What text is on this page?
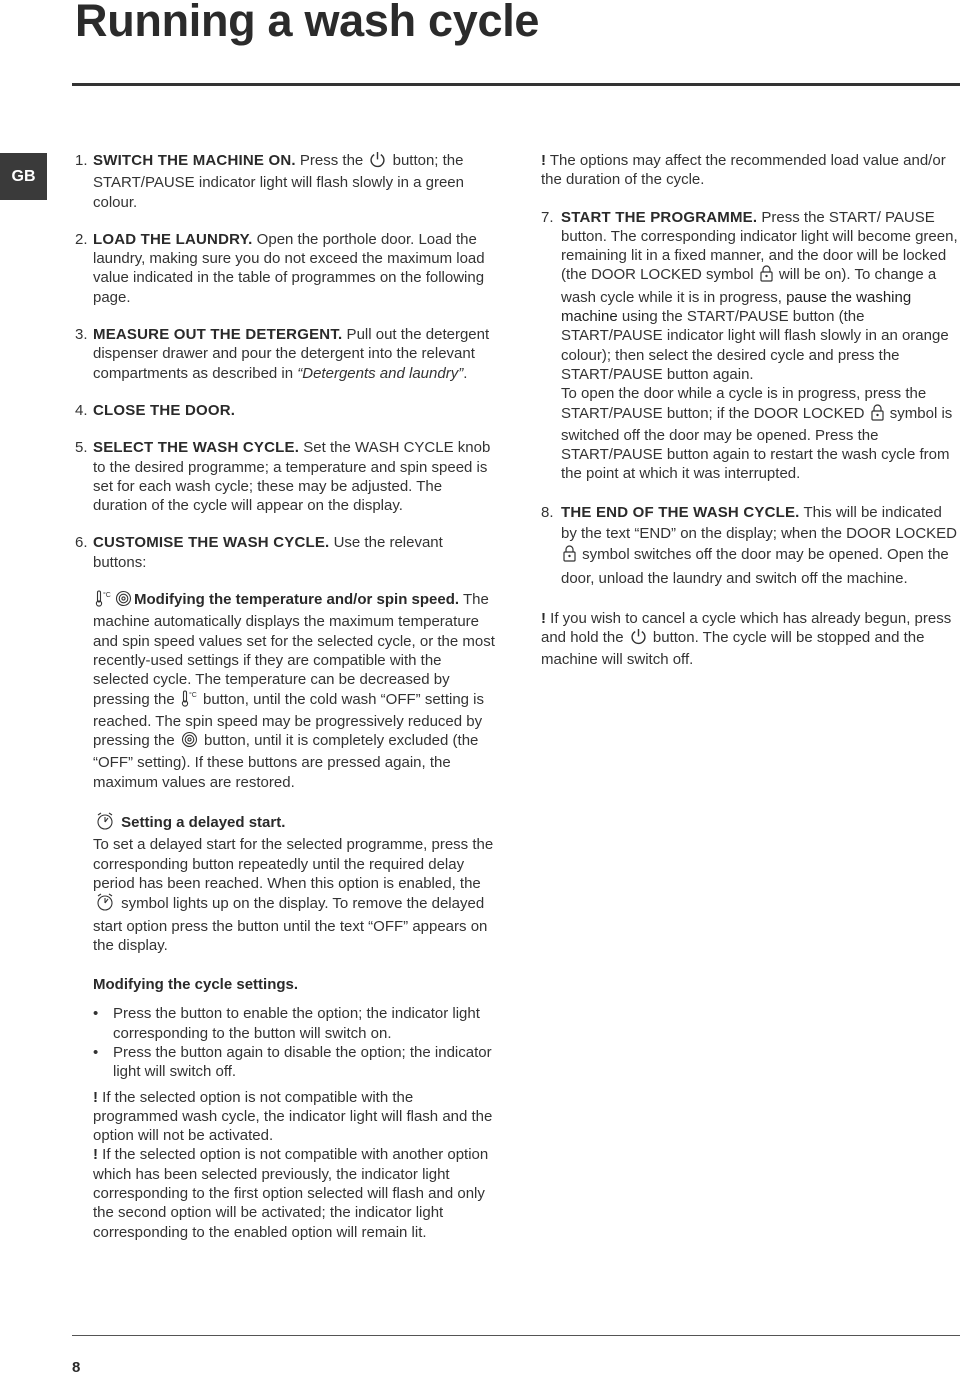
Running a wash cycle
GB
1. SWITCH THE MACHINE ON. Press the  button; the START/PAUSE indicator light will flash slowly in a green colour.
2. LOAD THE LAUNDRY. Open the porthole door. Load the laundry, making sure you do not exceed the maximum load value indicated in the table of programmes on the following page.
3. MEASURE OUT THE DETERGENT. Pull out the detergent dispenser drawer and pour the detergent into the relevant compartments as described in “Detergents and laundry”.
4. CLOSE THE DOOR.
5. SELECT THE WASH CYCLE. Set the WASH CYCLE knob to the desired programme; a temperature and spin speed is set for each wash cycle; these may be adjusted. The duration of the cycle will appear on the display.
6. CUSTOMISE THE WASH CYCLE. Use the relevant buttons:
°C Modifying the temperature and/or spin speed. The machine automatically displays the maximum temperature and spin speed values set for the selected cycle, or the most recently-used settings if they are compatible with the selected cycle. The temperature can be decreased by pressing the °C button, until the cold wash “OFF” setting is reached. The spin speed may be progressively reduced by pressing the  button, until it is completely excluded (the “OFF” setting). If these buttons are pressed again, the maximum values are restored.
Setting a delayed start.
To set a delayed start for the selected programme, press the corresponding button repeatedly until the required delay period has been reached. When this option is enabled, the  symbol lights up on the display. To remove the delayed start option press the button until the text “OFF” appears on the display.
Modifying the cycle settings.
• Press the button to enable the option; the indicator light corresponding to the button will switch on.
• Press the button again to disable the option; the indicator light will switch off.
! If the selected option is not compatible with the programmed wash cycle, the indicator light will flash and the option will not be activated.
! If the selected option is not compatible with another option which has been selected previously, the indicator light corresponding to the first option selected will flash and only the second option will be activated; the indicator light corresponding to the enabled option will remain lit.
! The options may affect the recommended load value and/or the duration of the cycle.
7. START THE PROGRAMME. Press the START/ PAUSE button. The corresponding indicator light will become green, remaining lit in a fixed manner, and the door will be locked (the DOOR LOCKED symbol  will be on). To change a wash cycle while it is in progress, pause the washing machine using the START/PAUSE button (the START/PAUSE indicator light will flash slowly in an orange colour); then select the desired cycle and press the START/PAUSE button again.
To open the door while a cycle is in progress, press the START/PAUSE button; if the DOOR LOCKED  symbol is switched off the door may be opened. Press the START/PAUSE button again to restart the wash cycle from the point at which it was interrupted.
8. THE END OF THE WASH CYCLE. This will be indicated by the text “END” on the display; when the DOOR LOCKED  symbol switches off the door may be opened. Open the door, unload the laundry and switch off the machine.
! If you wish to cancel a cycle which has already begun, press and hold the  button. The cycle will be stopped and the machine will switch off.
8
